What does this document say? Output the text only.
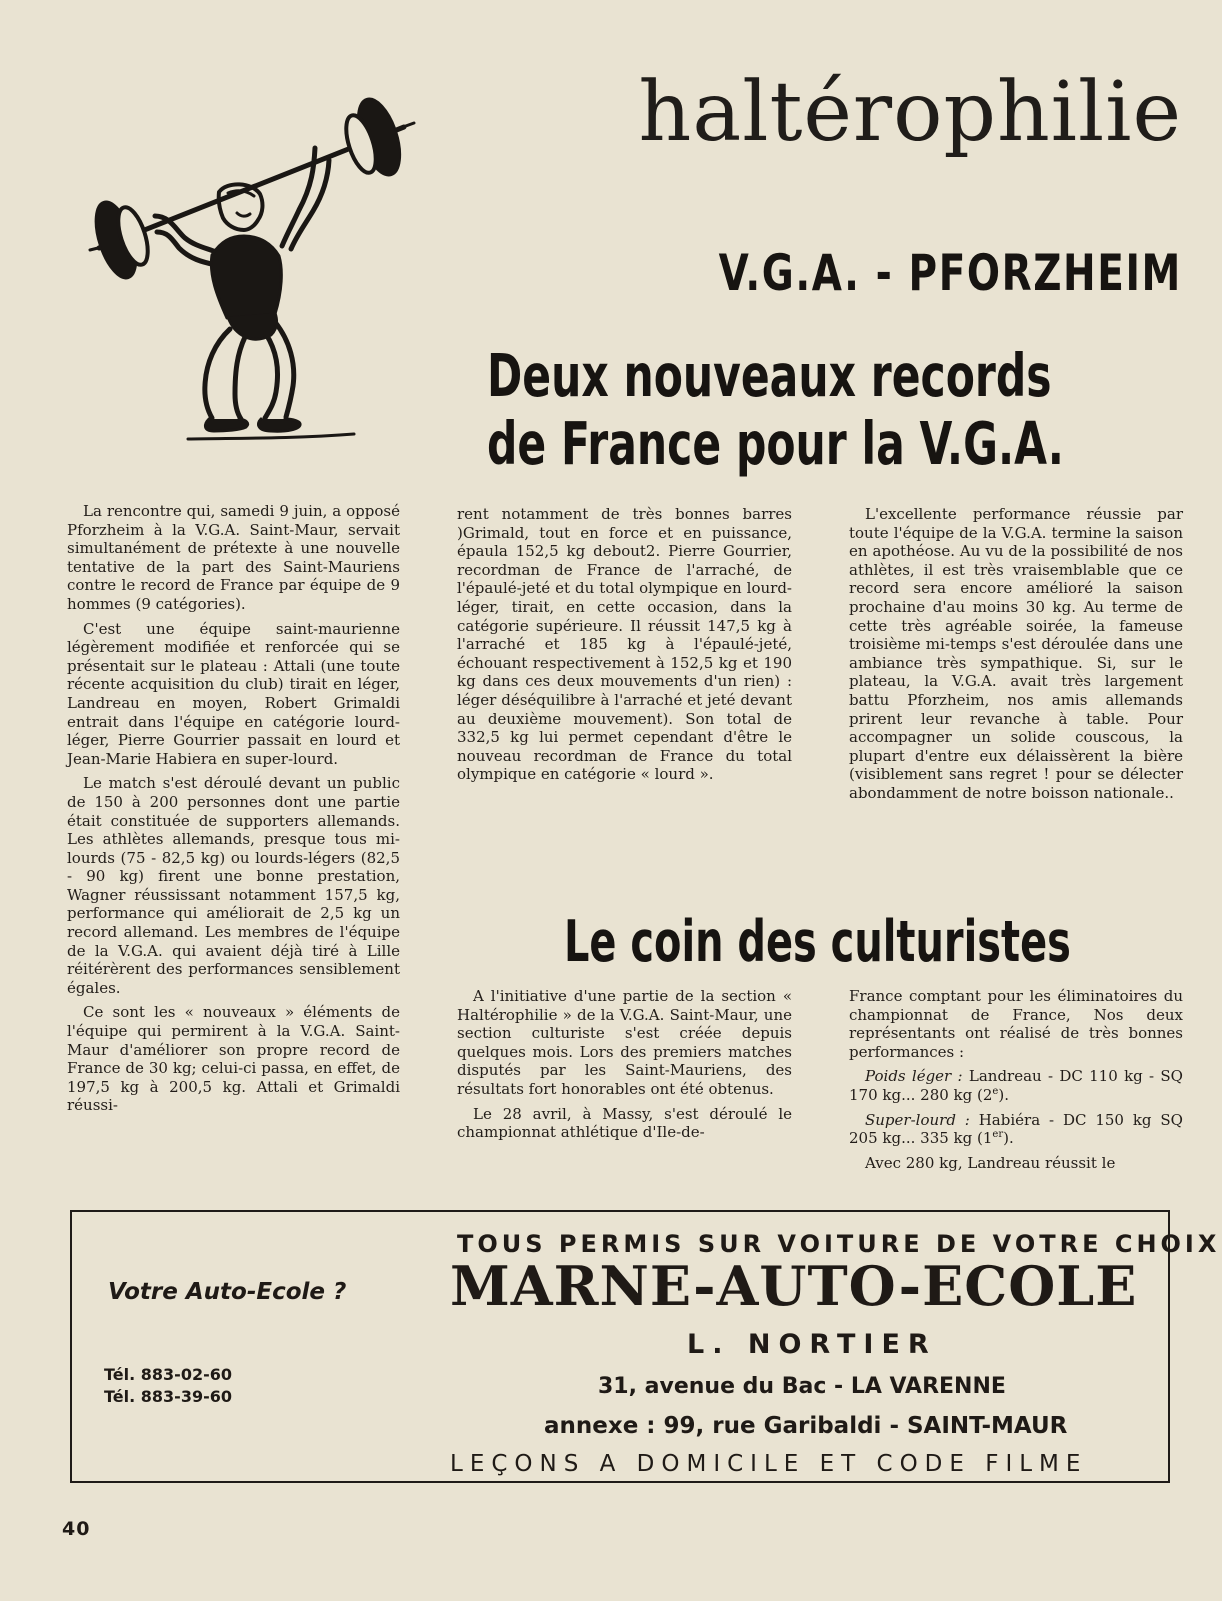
haltérophilie
V.G.A. - PFORZHEIM
Deux nouveaux records
de France pour la V.G.A.

La rencontre qui, samedi 9 juin, a opposé Pforzheim à la V.G.A. Saint-Maur, servait simultanément de prétexte à une nouvelle tentative de la part des Saint-Mauriens contre le record de France par équipe de 9 hommes (9 catégories).

C'est une équipe saint-maurienne légèrement modifiée et renforcée qui se présentait sur le plateau : Attali (une toute récente acquisition du club) tirait en léger, Landreau en moyen, Robert Grimaldi entrait dans l'équipe en catégorie lourd-léger, Pierre Gourrier passait en lourd et Jean-Marie Habiera en super-lourd.

Le match s'est déroulé devant un public de 150 à 200 personnes dont une partie était constituée de supporters allemands. Les athlètes allemands, presque tous mi-lourds (75 - 82,5 kg) ou lourds-légers (82,5 - 90 kg) firent une bonne prestation, Wagner réussissant notamment 157,5 kg, performance qui améliorait de 2,5 kg un record allemand. Les membres de l'équipe de la V.G.A. qui avaient déjà tiré à Lille réitérèrent des performances sensiblement égales.

Ce sont les « nouveaux » éléments de l'équipe qui permirent à la V.G.A. Saint-Maur d'améliorer son propre record de France de 30 kg; celui-ci passa, en effet, de 197,5 kg à 200,5 kg. Attali et Grimaldi réussi-

rent notamment de très bonnes barres )Grimald, tout en force et en puissance, épaula 152,5 kg debout2. Pierre Gourrier, recordman de France de l'arraché, de l'épaulé-jeté et du total olympique en lourd-léger, tirait, en cette occasion, dans la catégorie supérieure. Il réussit 147,5 kg à l'arraché et 185 kg à l'épaulé-jeté, échouant respectivement à 152,5 kg et 190 kg dans ces deux mouvements d'un rien) : léger déséquilibre à l'arraché et jeté devant au deuxième mouvement). Son total de 332,5 kg lui permet cependant d'être le nouveau recordman de France du total olympique en catégorie « lourd ».

L'excellente performance réussie par toute l'équipe de la V.G.A. termine la saison en apothéose. Au vu de la possibilité de nos athlètes, il est très vraisemblable que ce record sera encore amélioré la saison prochaine d'au moins 30 kg. Au terme de cette très agréable soirée, la fameuse troisième mi-temps s'est déroulée dans une ambiance très sympathique. Si, sur le plateau, la V.G.A. avait très largement battu Pforzheim, nos amis allemands prirent leur revanche à table. Pour accompagner un solide couscous, la plupart d'entre eux délaissèrent la bière (visiblement sans regret ! pour se délecter abondamment de notre boisson nationale..

Le coin des culturistes

A l'initiative d'une partie de la section « Haltérophilie » de la V.G.A. Saint-Maur, une section culturiste s'est créée depuis quelques mois. Lors des premiers matches disputés par les Saint-Mauriens, des résultats fort honorables ont été obtenus.

Le 28 avril, à Massy, s'est déroulé le championnat athlétique d'Ile-de-

France comptant pour les éliminatoires du championnat de France, Nos deux représentants ont réalisé de très bonnes performances :

Poids léger : Landreau - DC 110 kg - SQ 170 kg... 280 kg (2e).
Super-lourd : Habiéra - DC 150 kg SQ 205 kg... 335 kg (1er).

Avec 280 kg, Landreau réussit le

TOUS PERMIS SUR VOITURE DE VOTRE CHOIX
Votre Auto-Ecole ? MARNE-AUTO-ECOLE
L. NORTIER
Tél. 883-02-60
Tél. 883-39-60	31, avenue du Bac - LA VARENNE
annexe : 99, rue Garibaldi - SAINT-MAUR
LEÇONS A DOMICILE ET CODE FILME
40
